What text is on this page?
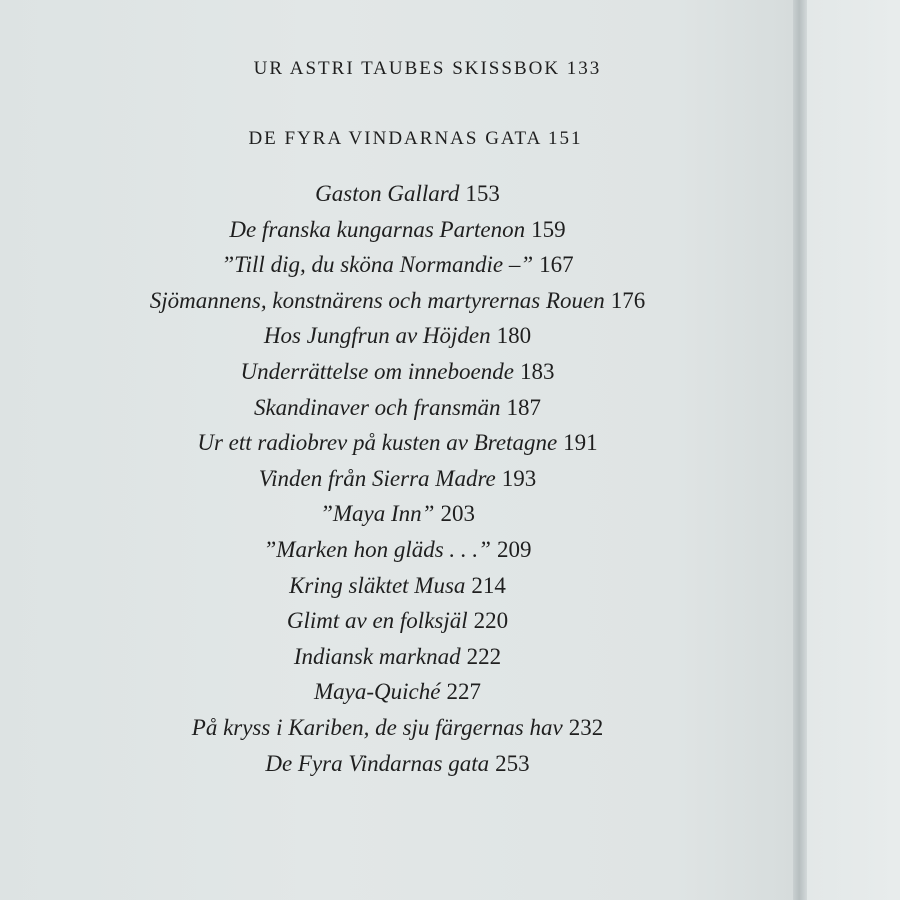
UR ASTRI TAUBES SKISSBOK 133
DE FYRA VINDARNAS GATA 151
Gaston Gallard 153
De franska kungarnas Partenon 159
”Till dig, du sköna Normandie –” 167
Sjömannens, konstnärens och martyrernas Rouen 176
Hos Jungfrun av Höjden 180
Underrättelse om inneboende 183
Skandinaver och fransmän 187
Ur ett radiobrev på kusten av Bretagne 191
Vinden från Sierra Madre 193
”Maya Inn” 203
”Marken hon gläds . . .” 209
Kring släktet Musa 214
Glimt av en folksjäl 220
Indiansk marknad 222
Maya-Quiché 227
På kryss i Kariben, de sju färgernas hav 232
De Fyra Vindarnas gata 253
